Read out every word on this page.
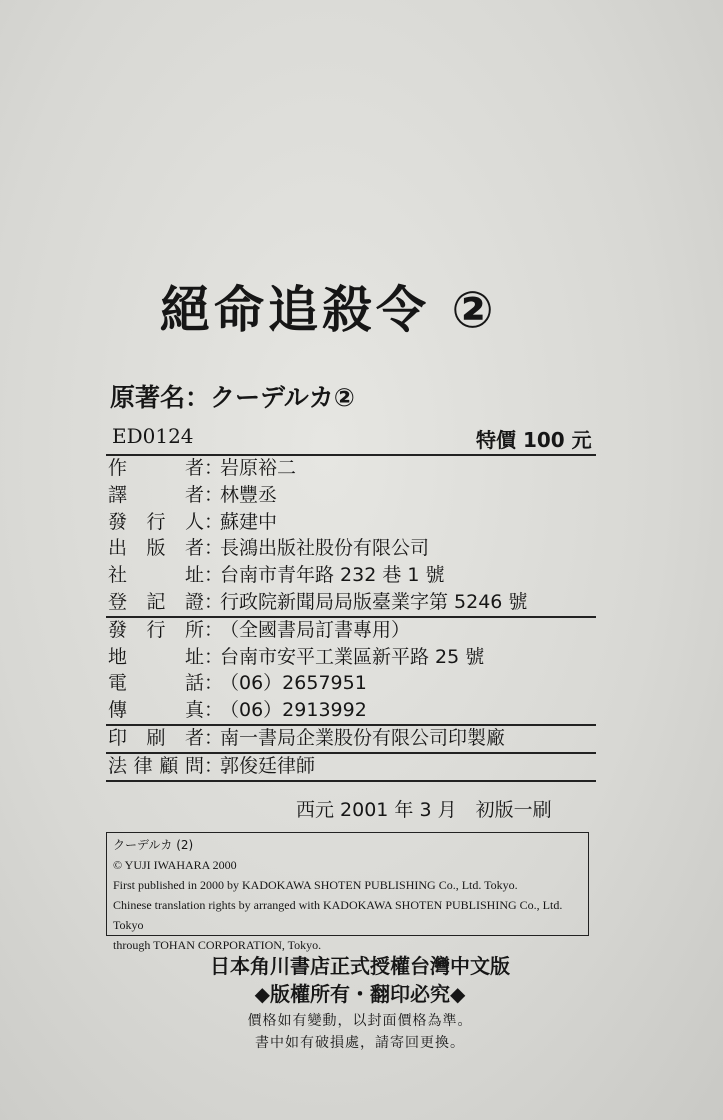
絕命追殺令 ②
原著名：クーデルカ②
ED0124	特價 100 元
作	者 ：
岩原裕二
譯	者 ：
林豐丞
發 行 人 ：
蘇建中
出 版 者 ：
長鴻出版社股份有限公司
社	址 ：
台南市青年路 232 巷 1 號
登 記 證 ：
行政院新聞局局版臺業字第 5246 號
發 行 所 ：
（全國書局訂書專用）
地	址 ：
台南市安平工業區新平路 25 號
電	話 ：
（06）2657951
傳	真 ：
（06）2913992
印 刷 者 ：
南一書局企業股份有限公司印製廠
法 律 顧 問 ：
郭俊廷律師
西元 2001 年 3 月　初版一刷
クーデルカ (2)
© YUJI IWAHARA 2000
First published in 2000 by KADOKAWA SHOTEN PUBLISHING Co., Ltd. Tokyo.
Chinese translation rights by arranged with KADOKAWA SHOTEN PUBLISHING Co., Ltd. Tokyo
through TOHAN CORPORATION, Tokyo.
日本角川書店正式授權台灣中文版
◆版權所有・翻印必究◆
價格如有變動，以封面價格為準。
書中如有破損處，請寄回更換。
